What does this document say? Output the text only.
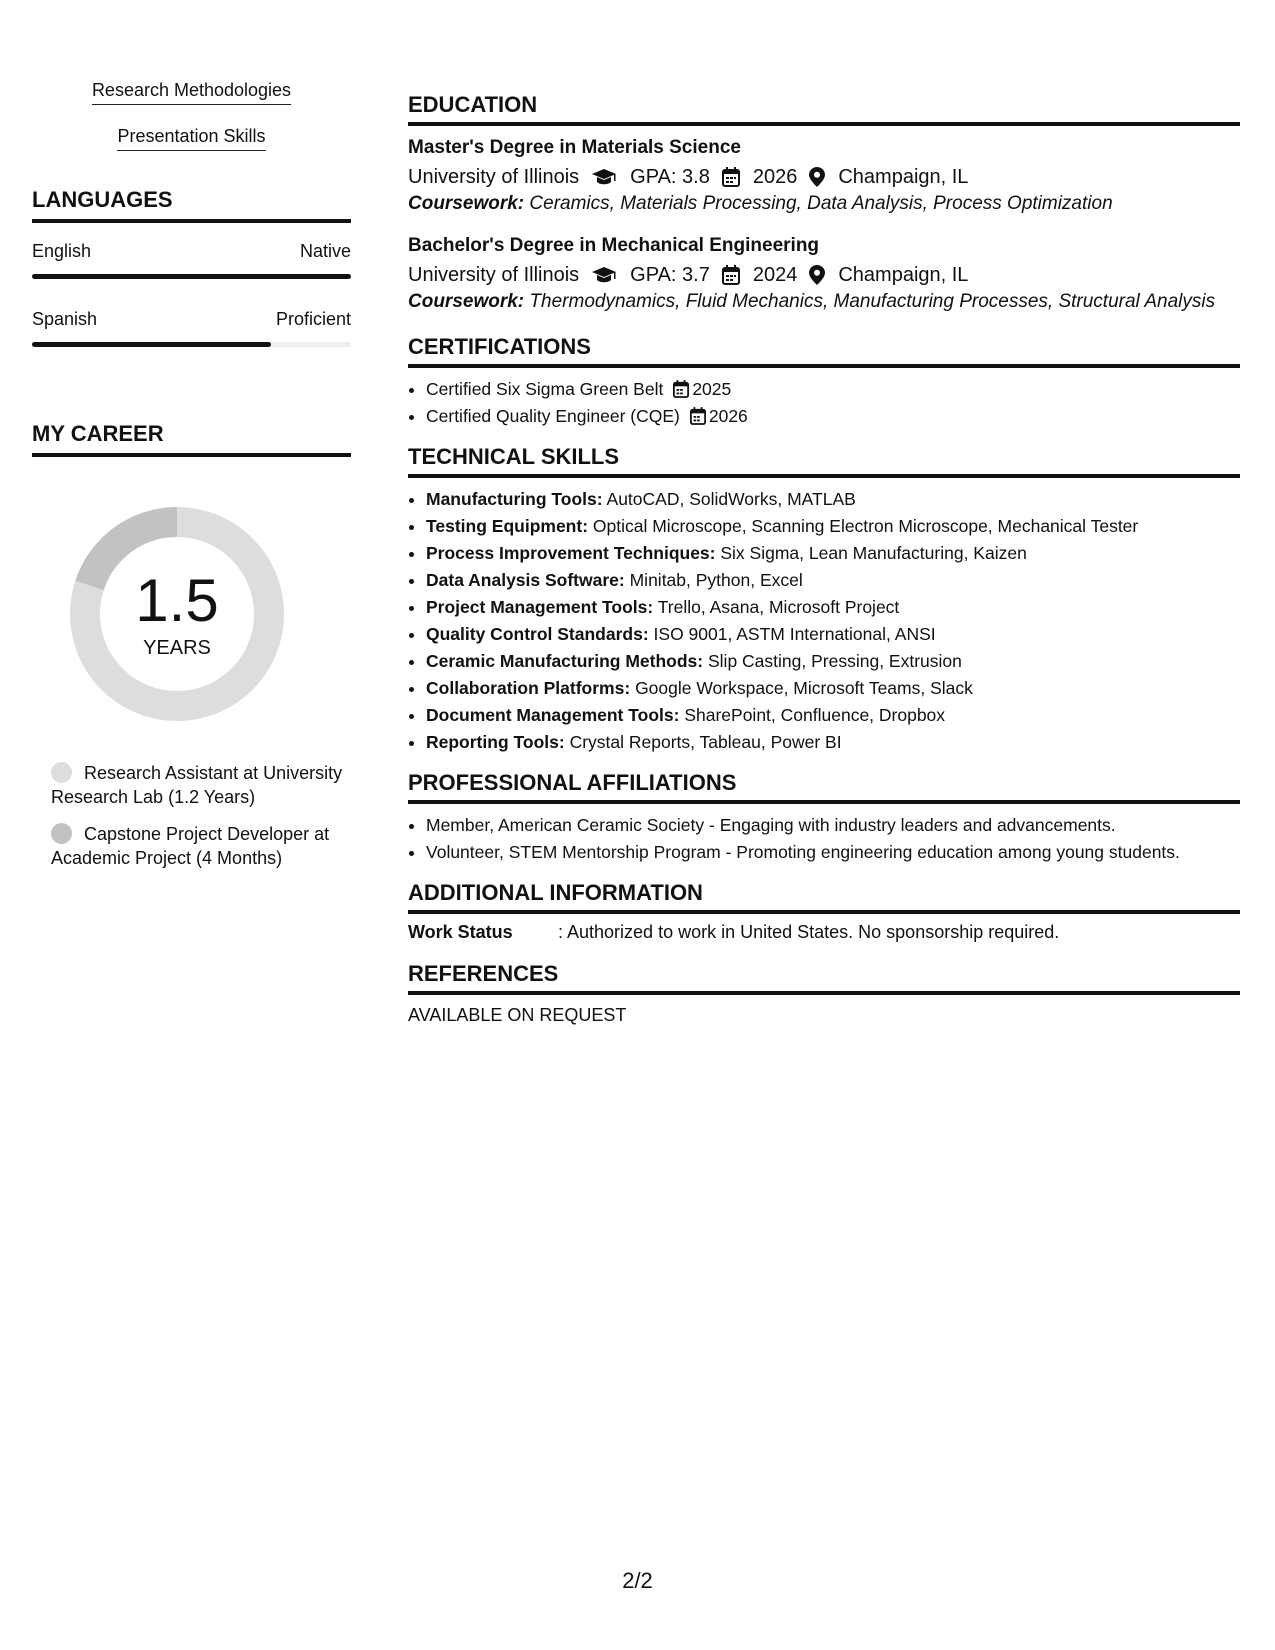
Research Methodologies
Presentation Skills
LANGUAGES
English	Native
Spanish	Proficient
MY CAREER
1.5
YEARS
Research Assistant at University Research Lab (1.2 Years)
Capstone Project Developer at Academic Project (4 Months)
EDUCATION
Master's Degree in Materials Science
University of Illinois	GPA: 3.8 2026 Champaign, IL
Coursework: Ceramics, Materials Processing, Data Analysis, Process Optimization
Bachelor's Degree in Mechanical Engineering
University of Illinois	GPA: 3.7 2024 Champaign, IL
Coursework: Thermodynamics, Fluid Mechanics, Manufacturing Processes, Structural Analysis
CERTIFICATIONS
• Certified Six Sigma Green Belt 2025
• Certified Quality Engineer (CQE) 2026
TECHNICAL SKILLS
• Manufacturing Tools: AutoCAD, SolidWorks, MATLAB
• Testing Equipment: Optical Microscope, Scanning Electron Microscope, Mechanical Tester
• Process Improvement Techniques: Six Sigma, Lean Manufacturing, Kaizen
• Data Analysis Software: Minitab, Python, Excel
• Project Management Tools: Trello, Asana, Microsoft Project
• Quality Control Standards: ISO 9001, ASTM International, ANSI
• Ceramic Manufacturing Methods: Slip Casting, Pressing, Extrusion
• Collaboration Platforms: Google Workspace, Microsoft Teams, Slack
• Document Management Tools: SharePoint, Confluence, Dropbox
• Reporting Tools: Crystal Reports, Tableau, Power BI
PROFESSIONAL AFFILIATIONS
• Member, American Ceramic Society - Engaging with industry leaders and advancements.
• Volunteer, STEM Mentorship Program - Promoting engineering education among young students.
ADDITIONAL INFORMATION
Work Status	: Authorized to work in United States. No sponsorship required.
REFERENCES
AVAILABLE ON REQUEST
2/2
